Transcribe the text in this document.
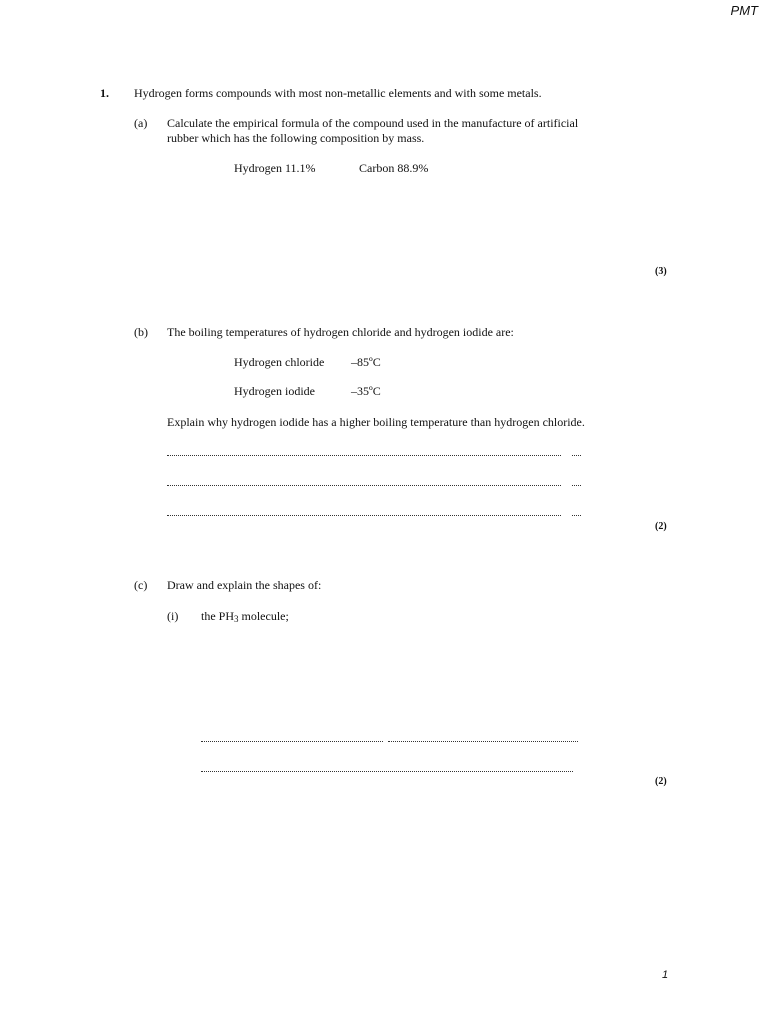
PMT
1. Hydrogen forms compounds with most non-metallic elements and with some metals.
(a) Calculate the empirical formula of the compound used in the manufacture of artificial
rubber which has the following composition by mass.
Hydrogen 11.1%	Carbon 88.9%
(3)
(b) The boiling temperatures of hydrogen chloride and hydrogen iodide are:
Hydrogen chloride –85ºC
Hydrogen iodide	–35ºC
Explain why hydrogen iodide has a higher boiling temperature than hydrogen chloride.
(2)
(c) Draw and explain the shapes of:
(i) the $PH_3$ molecule;
(2)
1
